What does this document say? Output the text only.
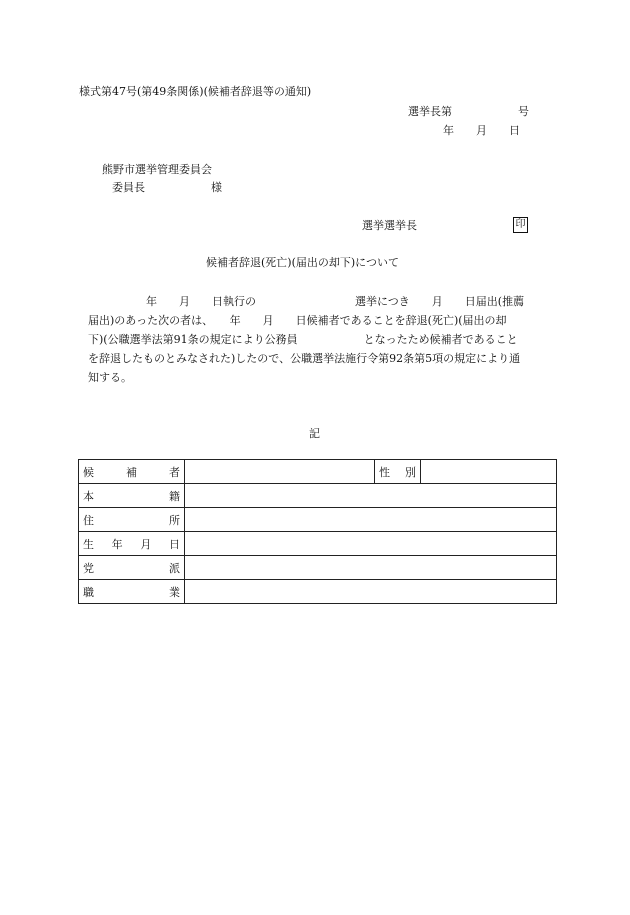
様式第47号(第49条関係)(候補者辞退等の通知)
選挙長第　　　　　　号
年　　月　　日
熊野市選挙管理委員会
委員長　　　　　　様
選挙選挙長	印
候補者辞退(死亡)(届出の却下)について
年　　月　　日執行の　　　　　　　　　選挙につき　　月　　日届出(推薦
届出)のあった次の者は、　　年　　月　　日候補者であることを辞退(死亡)(届出の却
下)(公職選挙法第91条の規定により公務員　　　　　　となったため候補者であること
を辞退したものとみなされた)したので、公職選挙法施行令第92条第5項の規定により通
知する。
記
候補者		性別	
本籍			
住所			
生年月日			
党派			
職業			
